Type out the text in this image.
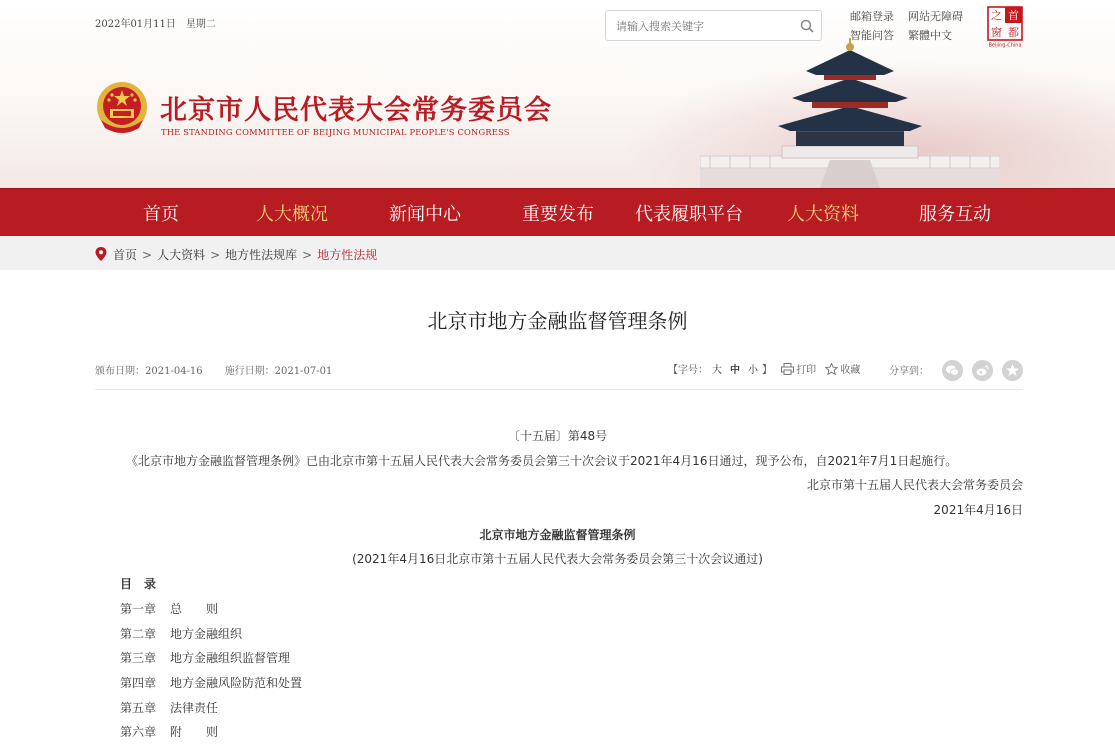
2022年01月11日　星期二
请输入搜索关键字
邮箱登录 网站无障碍
智能问答 繁體中文
首
之
都
窗
Beijing-China
北京市人民代表大会常务委员会
THE STANDING COMMITTEE OF BEIJING MUNICIPAL PEOPLE'S CONGRESS
首页	人大概况	新闻中心	重要发布 代表履职平台 人大资料	服务互动
首页 > 人大资料 > 地方性法规库 > 地方性法规
北京市地方金融监督管理条例
颁布日期：2021-04-16 施行日期：2021-07-01	【字号： 大 中 小 】 打印 收藏	分享到：
〔十五届〕第48号
《北京市地方金融监督管理条例》已由北京市第十五届人民代表大会常务委员会第三十次会议于2021年4月16日通过，现予公布，自2021年7月1日起施行。
北京市第十五届人民代表大会常务委员会
2021年4月16日
北京市地方金融监督管理条例
(2021年4月16日北京市第十五届人民代表大会常务委员会第三十次会议通过)
目　录
第一章 总　　则
第二章 地方金融组织
第三章 地方金融组织监督管理
第四章 地方金融风险防范和处置
第五章 法律责任
第六章 附　　则
